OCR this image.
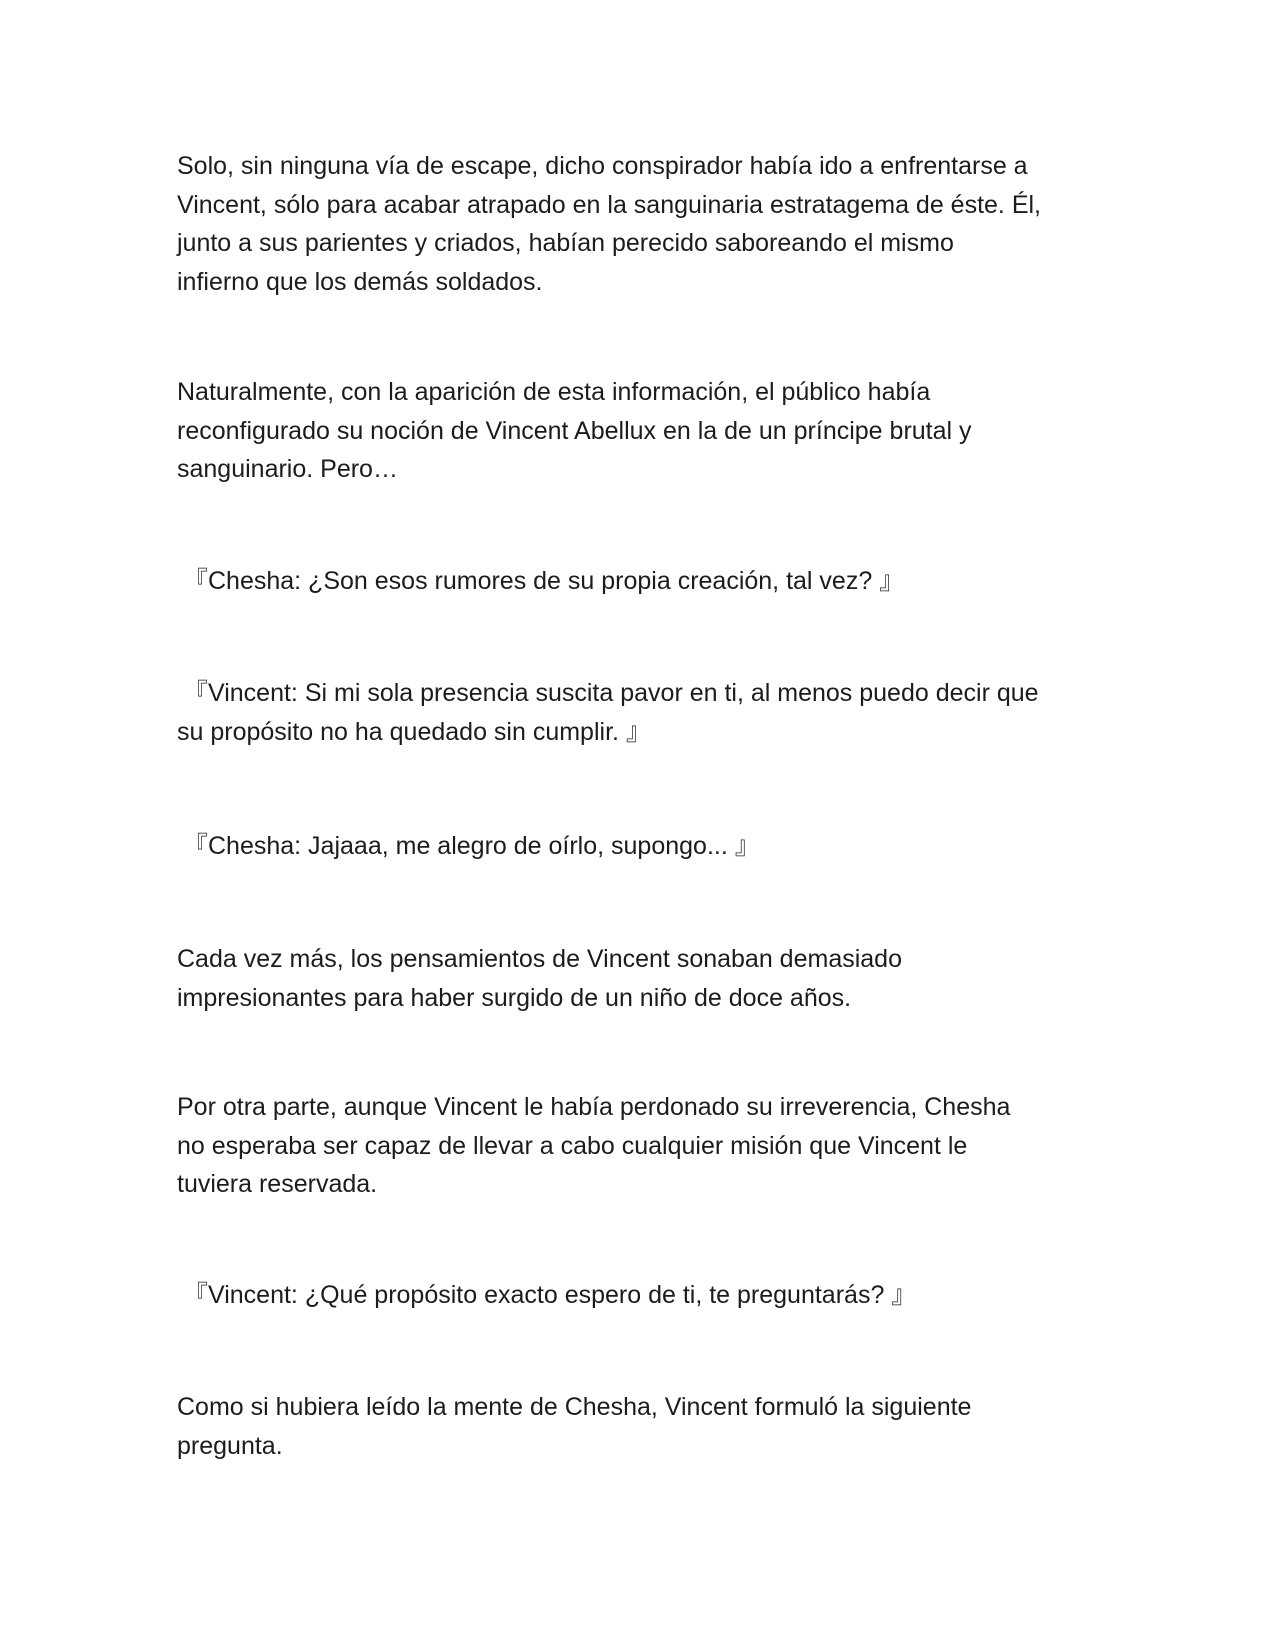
Solo, sin ninguna vía de escape, dicho conspirador había ido a enfrentarse a
Vincent, sólo para acabar atrapado en la sanguinaria estratagema de éste. Él,
junto a sus parientes y criados, habían perecido saboreando el mismo
infierno que los demás soldados.

Naturalmente, con la aparición de esta información, el público había
reconfigurado su noción de Vincent Abellux en la de un príncipe brutal y
sanguinario. Pero…

『Chesha: ¿Son esos rumores de su propia creación, tal vez? 』

『Vincent: Si mi sola presencia suscita pavor en ti, al menos puedo decir que
su propósito no ha quedado sin cumplir. 』

『Chesha: Jajaaa, me alegro de oírlo, supongo... 』

Cada vez más, los pensamientos de Vincent sonaban demasiado
impresionantes para haber surgido de un niño de doce años.

Por otra parte, aunque Vincent le había perdonado su irreverencia, Chesha
no esperaba ser capaz de llevar a cabo cualquier misión que Vincent le
tuviera reservada.

『Vincent: ¿Qué propósito exacto espero de ti, te preguntarás? 』

Como si hubiera leído la mente de Chesha, Vincent formuló la siguiente
pregunta.
